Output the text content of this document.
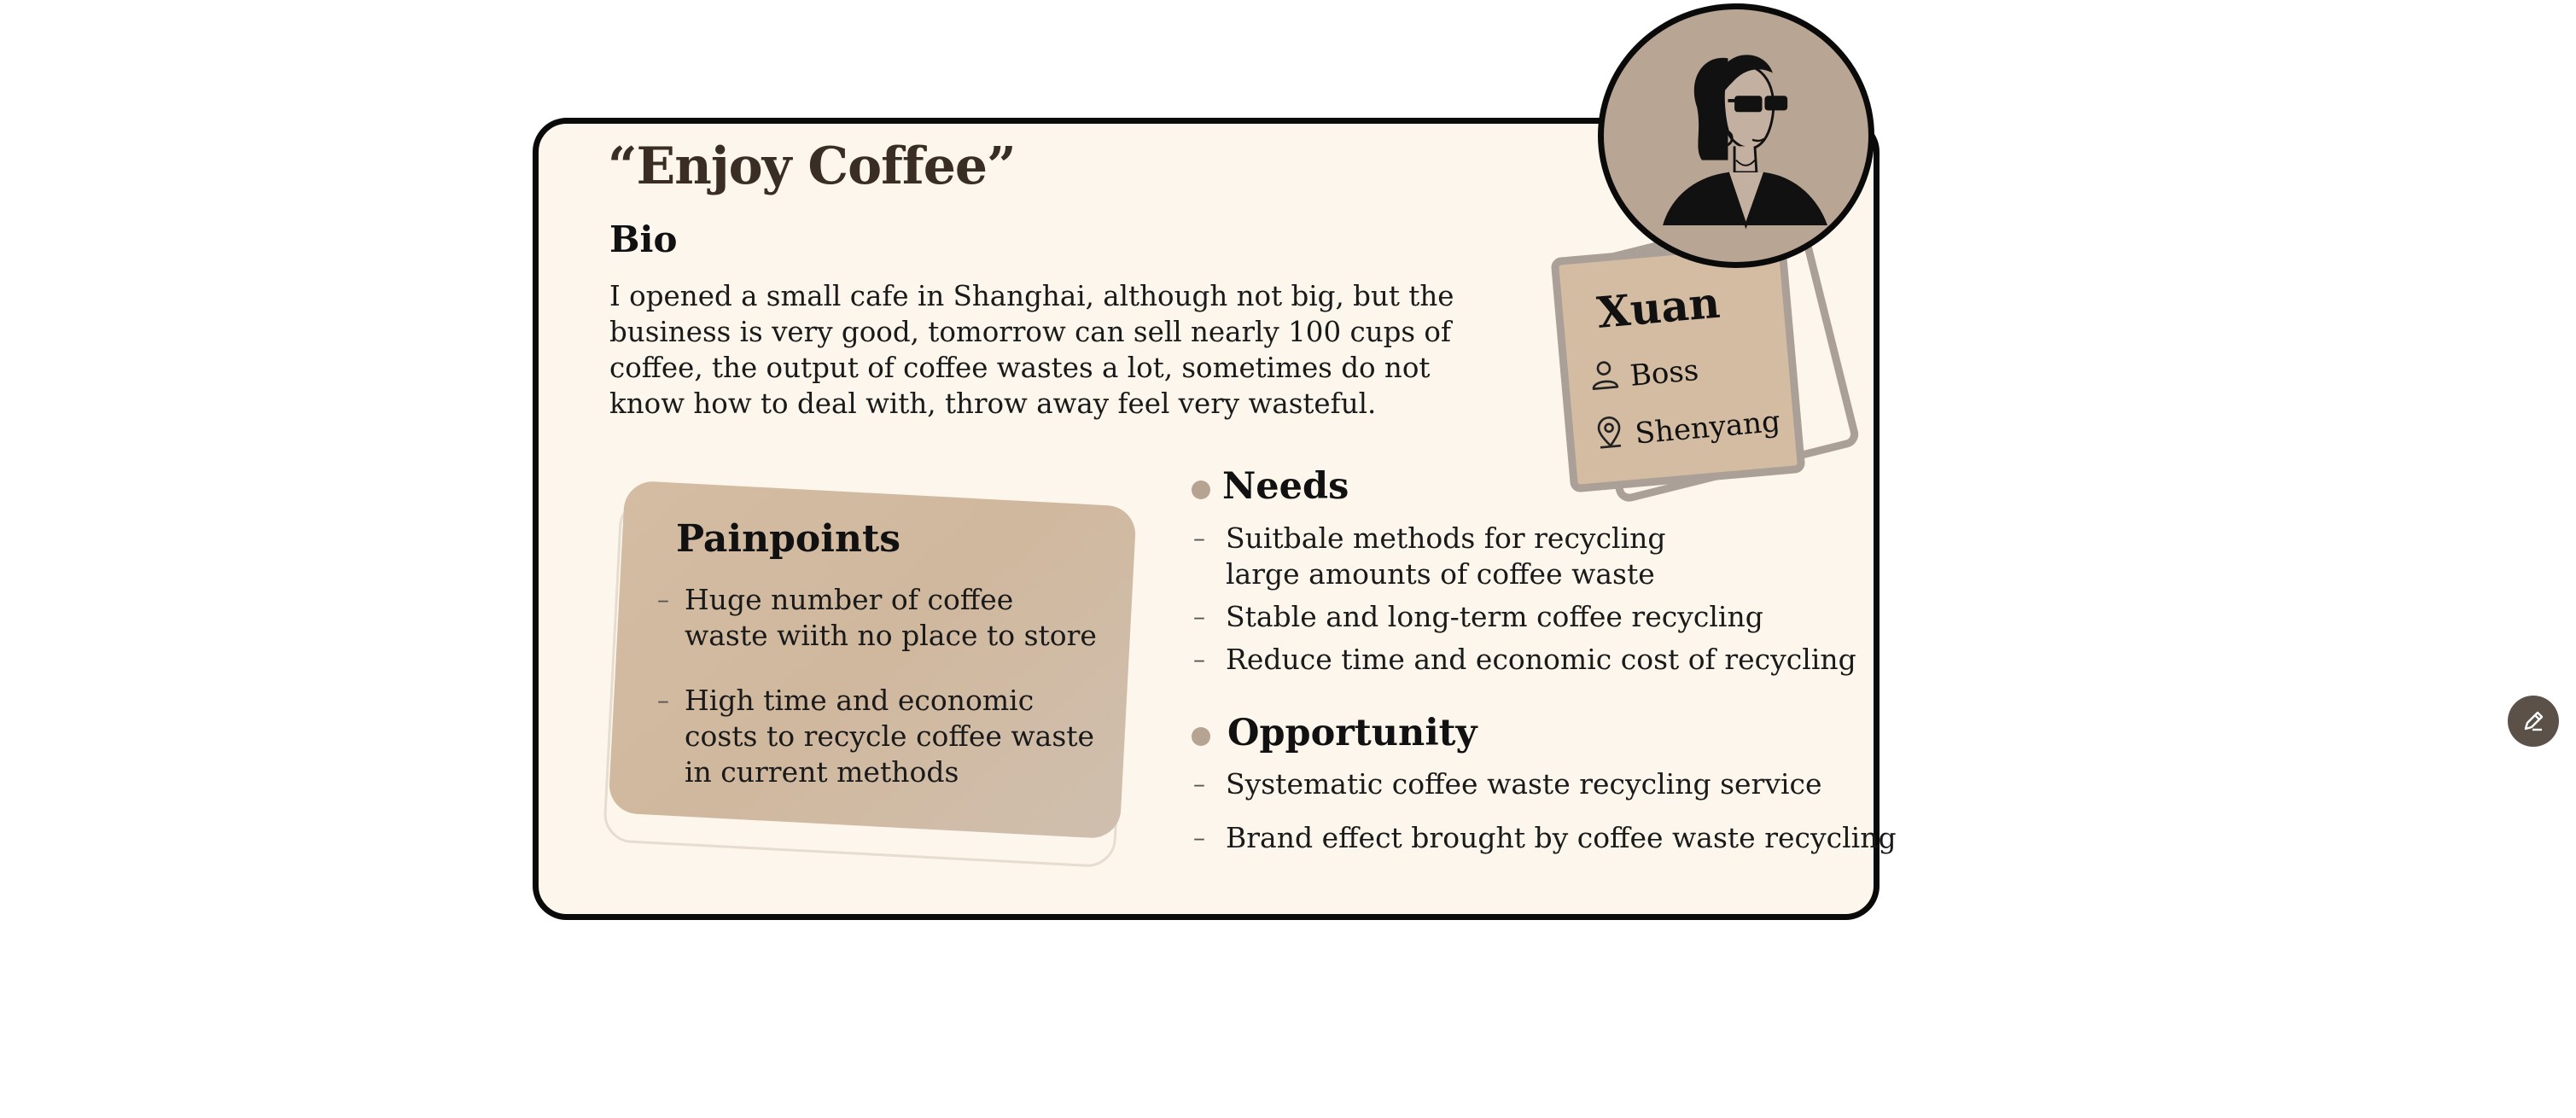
“Enjoy Coffee”
Bio
I opened a small cafe in Shanghai, although not big, but the business is very good, tomorrow can sell nearly 100 cups of coffee, the output of coffee wastes a lot, sometimes do not know how to deal with, throw away feel very wasteful.
Painpoints
– Huge number of coffee waste wiith no place to store
– High time and economic costs to recycle coffee waste in current methods
Needs
– Suitbale methods for recycling large amounts of coffee waste
– Stable and long-term coffee recycling
– Reduce time and economic cost of recycling
Opportunity
– Systematic coffee waste recycling service
– Brand effect brought by coffee waste recycling
Xuan
Boss
Shenyang
